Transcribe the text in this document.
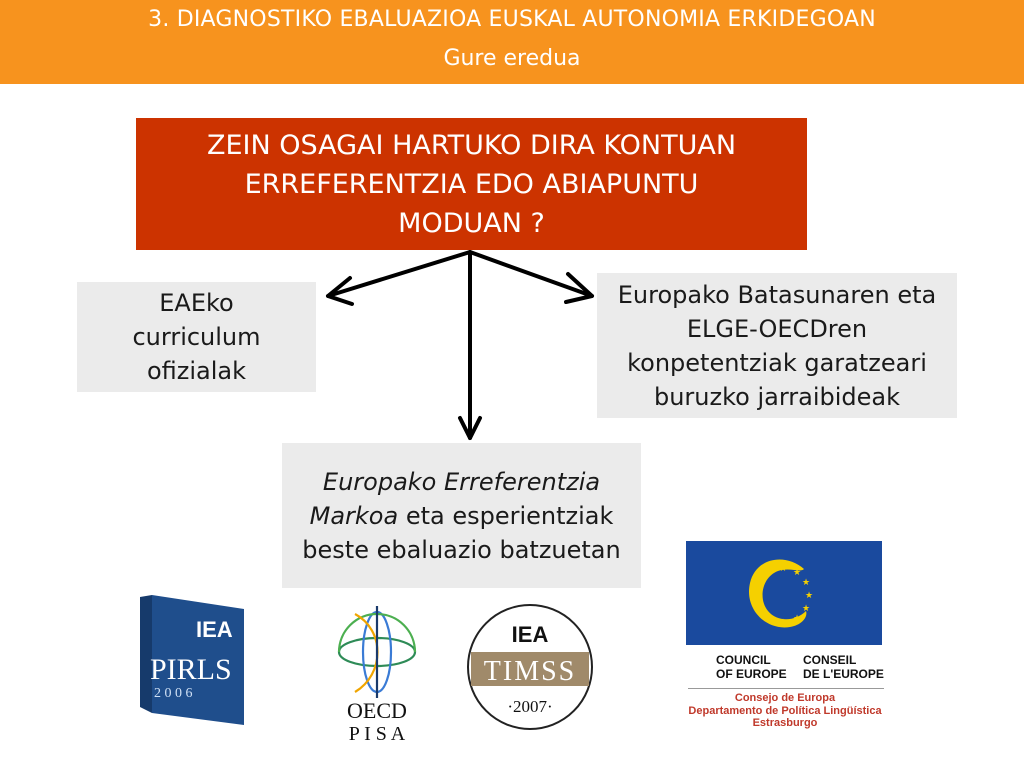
3. DIAGNOSTIKO EBALUAZIOA EUSKAL AUTONOMIA ERKIDEGOAN
Gure eredua
ZEIN OSAGAI HARTUKO DIRA KONTUAN ERREFERENTZIA EDO ABIAPUNTU MODUAN ?
EAEko curriculum ofizialak
Europako Batasunaren eta ELGE-OECDren konpetentziak garatzeari buruzko jarraibideak
Europako Erreferentzia Markoa eta esperientziak beste ebaluazio batzuetan
IEA
PIRLS
2 0 0 6
OECD
P I S A
IEA
TIMSS
·2007·
★ ★
★
★
★
★
★
★
★
★
★
★
COUNCIL
OF EUROPE
CONSEIL
DE L'EUROPE
Consejo de Europa
Departamento de Política Lingüística
Estrasburgo
